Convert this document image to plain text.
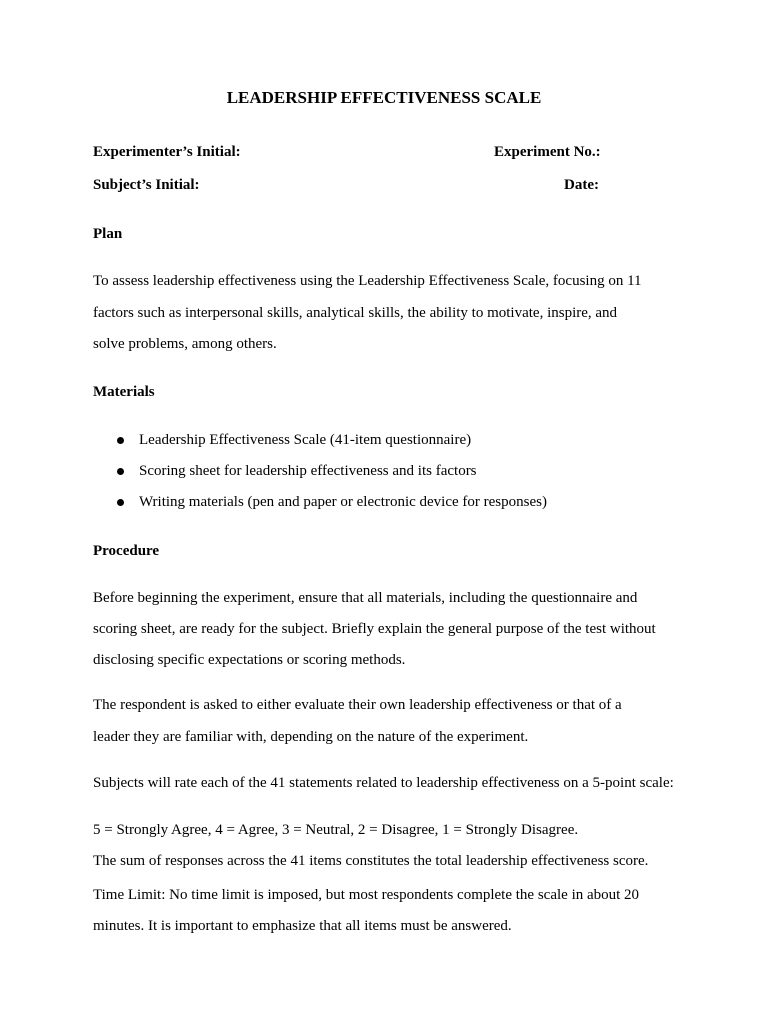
LEADERSHIP EFFECTIVENESS SCALE
Experimenter’s Initial:	Experiment No.:
Subject’s Initial:	Date:
Plan
To assess leadership effectiveness using the Leadership Effectiveness Scale, focusing on 11
factors such as interpersonal skills, analytical skills, the ability to motivate, inspire, and
solve problems, among others.
Materials
Leadership Effectiveness Scale (41-item questionnaire)
Scoring sheet for leadership effectiveness and its factors
Writing materials (pen and paper or electronic device for responses)
Procedure
Before beginning the experiment, ensure that all materials, including the questionnaire and
scoring sheet, are ready for the subject. Briefly explain the general purpose of the test without
disclosing specific expectations or scoring methods.
The respondent is asked to either evaluate their own leadership effectiveness or that of a
leader they are familiar with, depending on the nature of the experiment.
Subjects will rate each of the 41 statements related to leadership effectiveness on a 5-point scale:
5 = Strongly Agree, 4 = Agree, 3 = Neutral, 2 = Disagree, 1 = Strongly Disagree.
The sum of responses across the 41 items constitutes the total leadership effectiveness score.
Time Limit: No time limit is imposed, but most respondents complete the scale in about 20
minutes. It is important to emphasize that all items must be answered.
